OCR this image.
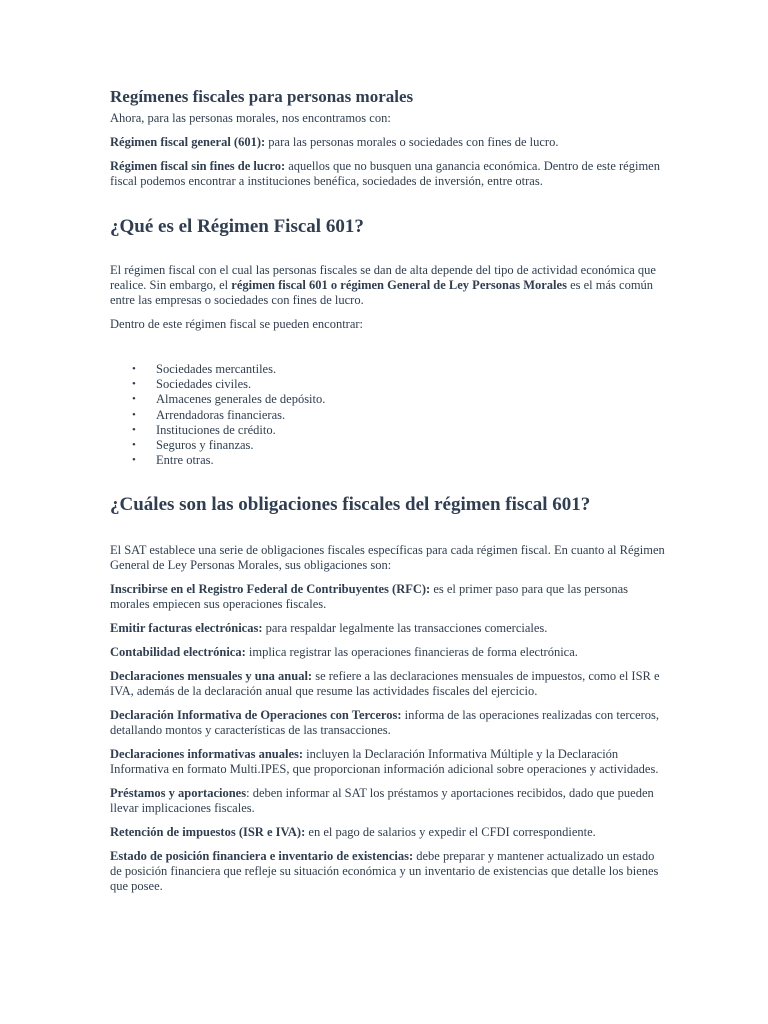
Regímenes fiscales para personas morales

Ahora, para las personas morales, nos encontramos con:

Régimen fiscal general (601): para las personas morales o sociedades con fines de lucro.

Régimen fiscal sin fines de lucro: aquellos que no busquen una ganancia económica. Dentro de este régimen fiscal podemos encontrar a instituciones benéfica, sociedades de inversión, entre otras.

¿Qué es el Régimen Fiscal 601?

El régimen fiscal con el cual las personas fiscales se dan de alta depende del tipo de actividad económica que realice. Sin embargo, el régimen fiscal 601 o régimen General de Ley Personas Morales es el más común entre las empresas o sociedades con fines de lucro.

Dentro de este régimen fiscal se pueden encontrar:

• Sociedades mercantiles.
• Sociedades civiles.
• Almacenes generales de depósito.
• Arrendadoras financieras.
• Instituciones de crédito.
• Seguros y finanzas.
• Entre otras.
¿Cuáles son las obligaciones fiscales del régimen fiscal 601?

El SAT establece una serie de obligaciones fiscales específicas para cada régimen fiscal. En cuanto al Régimen General de Ley Personas Morales, sus obligaciones son:

Inscribirse en el Registro Federal de Contribuyentes (RFC): es el primer paso para que las personas morales empiecen sus operaciones fiscales.

Emitir facturas electrónicas: para respaldar legalmente las transacciones comerciales.

Contabilidad electrónica: implica registrar las operaciones financieras de forma electrónica.

Declaraciones mensuales y una anual: se refiere a las declaraciones mensuales de impuestos, como el ISR e IVA, además de la declaración anual que resume las actividades fiscales del ejercicio.

Declaración Informativa de Operaciones con Terceros: informa de las operaciones realizadas con terceros, detallando montos y características de las transacciones.

Declaraciones informativas anuales: incluyen la Declaración Informativa Múltiple y la Declaración Informativa en formato Multi.IPES, que proporcionan información adicional sobre operaciones y actividades.

Préstamos y aportaciones: deben informar al SAT los préstamos y aportaciones recibidos, dado que pueden llevar implicaciones fiscales.

Retención de impuestos (ISR e IVA): en el pago de salarios y expedir el CFDI correspondiente.

Estado de posición financiera e inventario de existencias: debe preparar y mantener actualizado un estado de posición financiera que refleje su situación económica y un inventario de existencias que detalle los bienes que posee.
